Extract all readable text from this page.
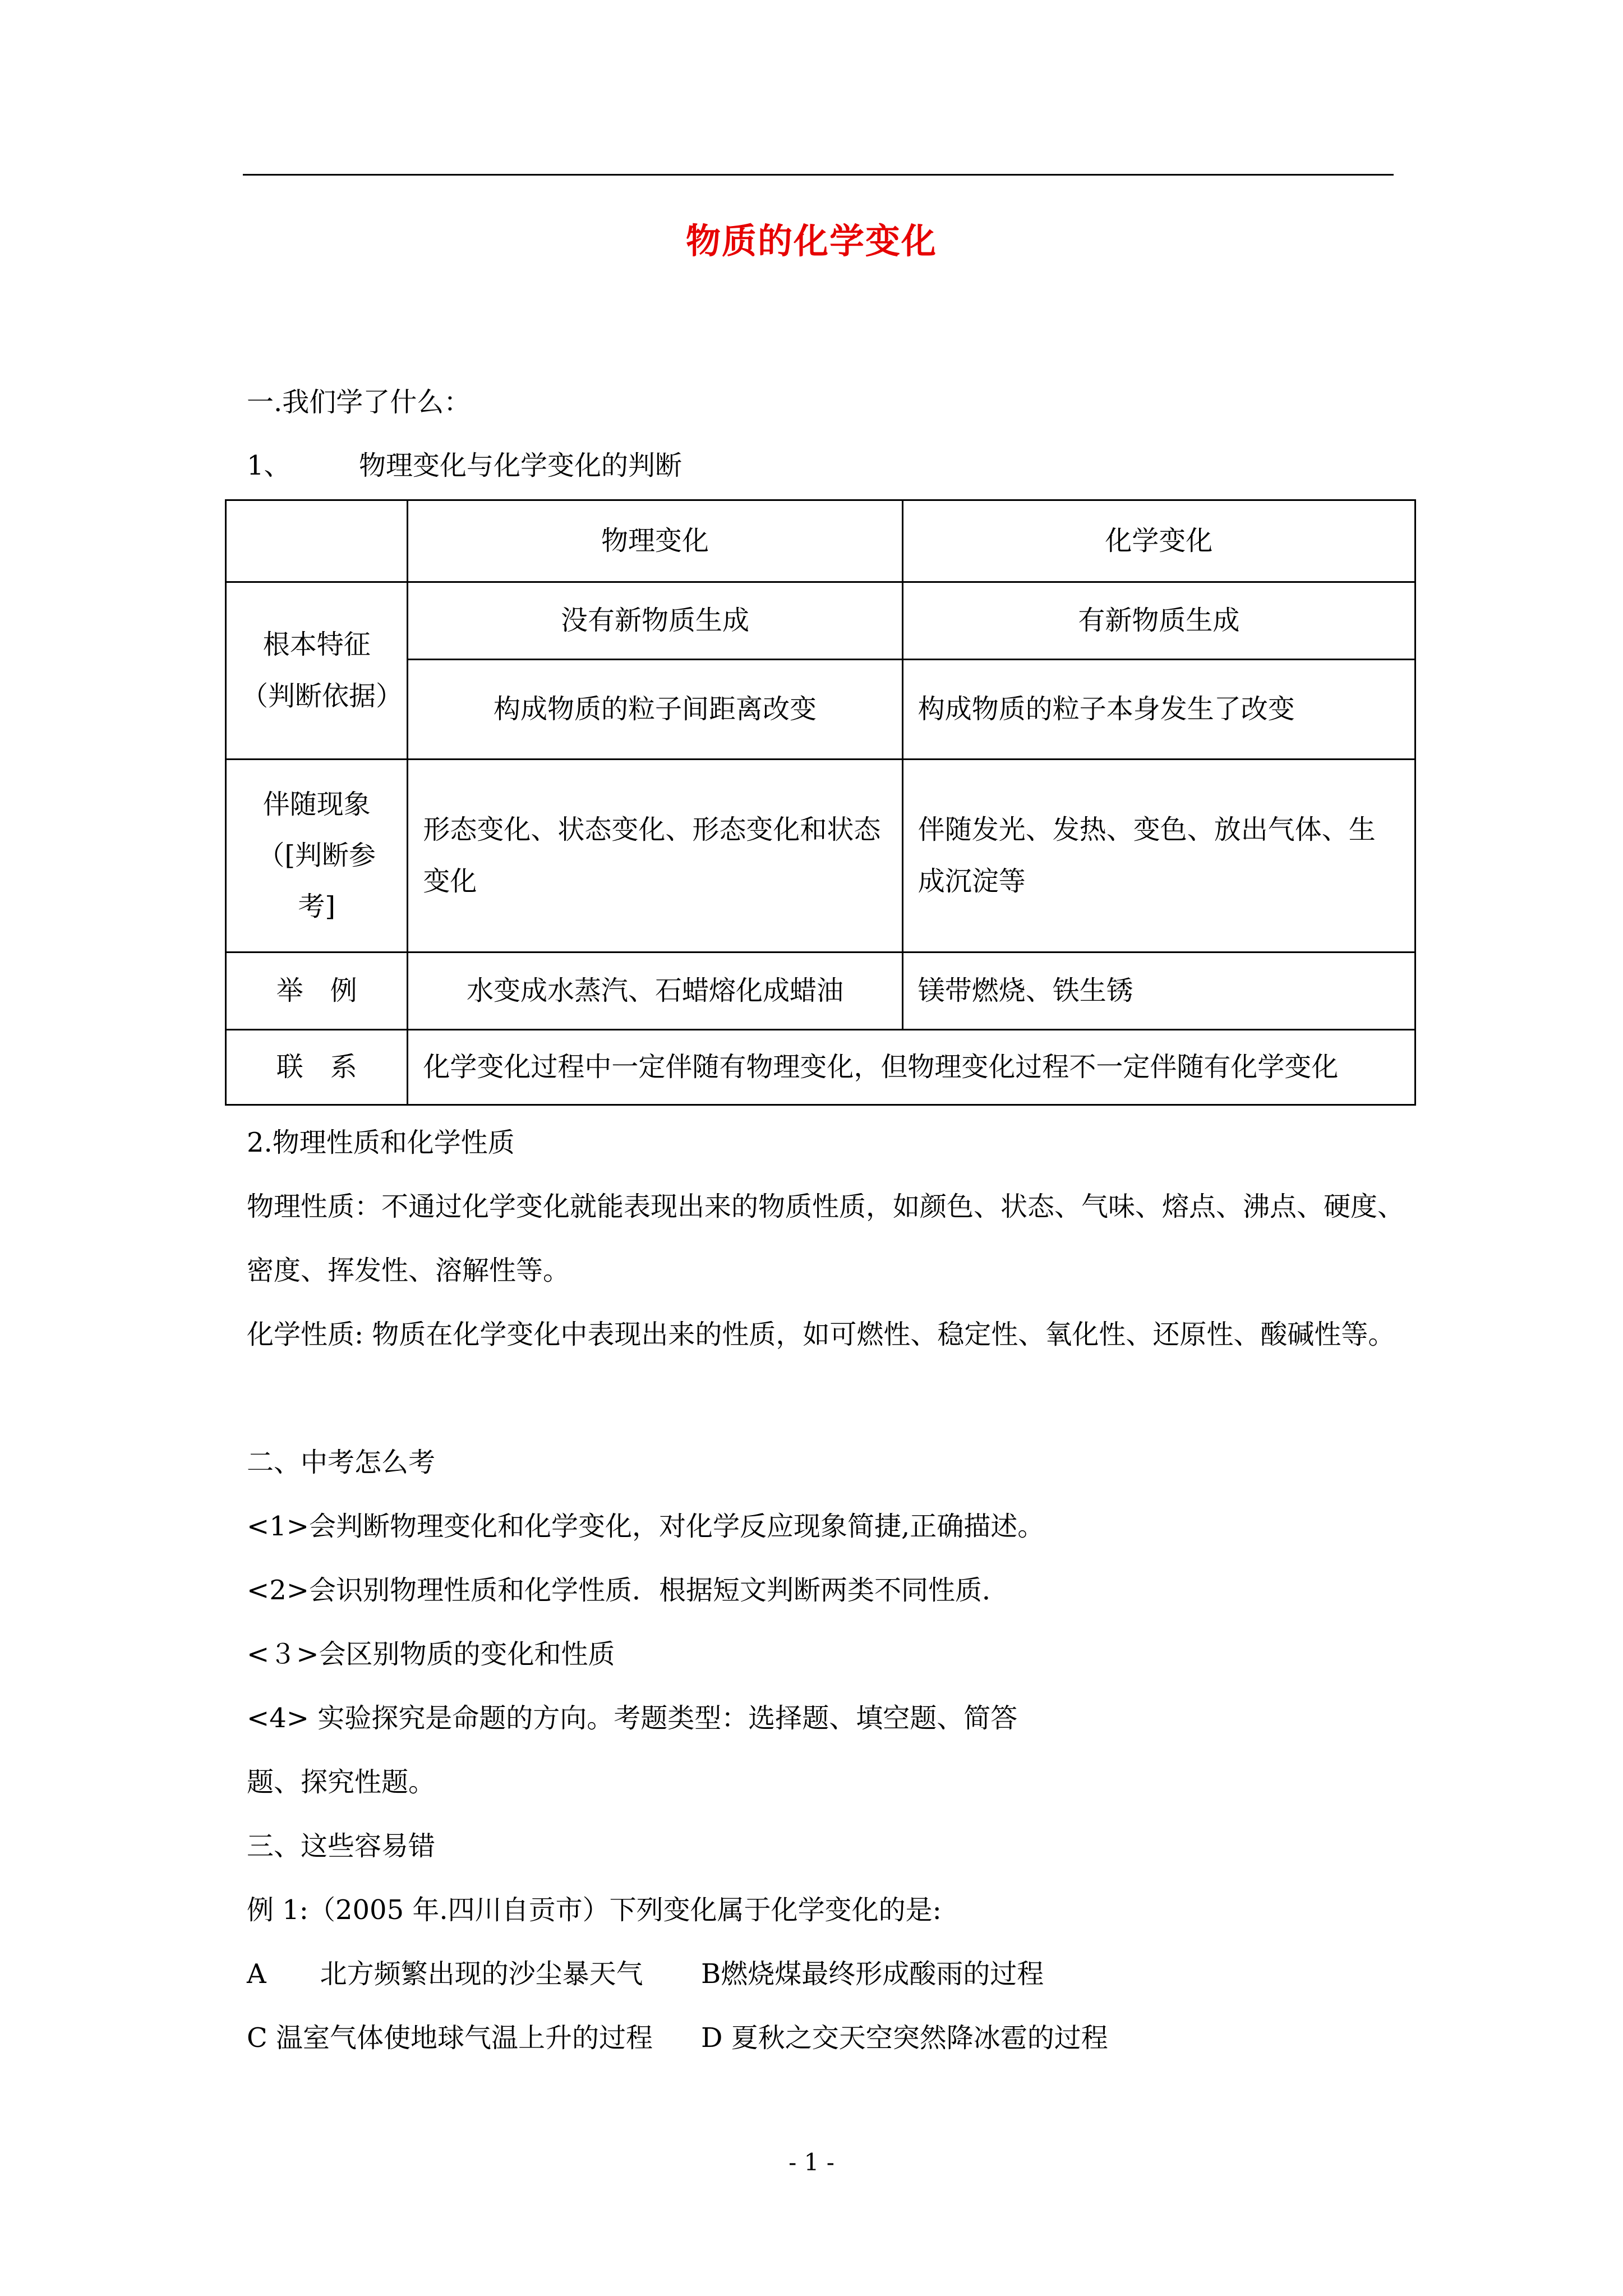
物质的化学变化
一.我们学了什么：
1、	物理变化与化学变化的判断
	物理变化	化学变化

根本特征
（判断依据）	没有新物质生成	有新物质生成
	构成物质的粒子间距离改变	构成物质的粒子本身发生了改变

伴随现象
（[判断参
考]	形态变化、状态变化、形态变化和状态变化	伴随发光、发热、变色、放出气体、生成沉淀等
举　例	水变成水蒸汽、石蜡熔化成蜡油	镁带燃烧、铁生锈
联　系	化学变化过程中一定伴随有物理变化，但物理变化过程不一定伴随有化学变化	
2.物理性质和化学性质
物理性质：不通过化学变化就能表现出来的物质性质，如颜色、状态、气味、熔点、沸点、硬度、密度、挥发性、溶解性等。
化学性质: 物质在化学变化中表现出来的性质，如可燃性、稳定性、氧化性、还原性、酸碱性等。
二、中考怎么考
<1>会判断物理变化和化学变化，对化学反应现象简捷,正确描述。
<2>会识别物理性质和化学性质．根据短文判断两类不同性质．
<３>会区别物质的变化和性质
<4> 实验探究是命题的方向。考题类型：选择题、填空题、简答
题、探究性题。
三、这些容易错
例 1:（2005 年.四川自贡市）下列变化属于化学变化的是:
A　　北方频繁出现的沙尘暴天气 B燃烧煤最终形成酸雨的过程
C 温室气体使地球气温上升的过程 D 夏秋之交天空突然降冰雹的过程
- 1 -
